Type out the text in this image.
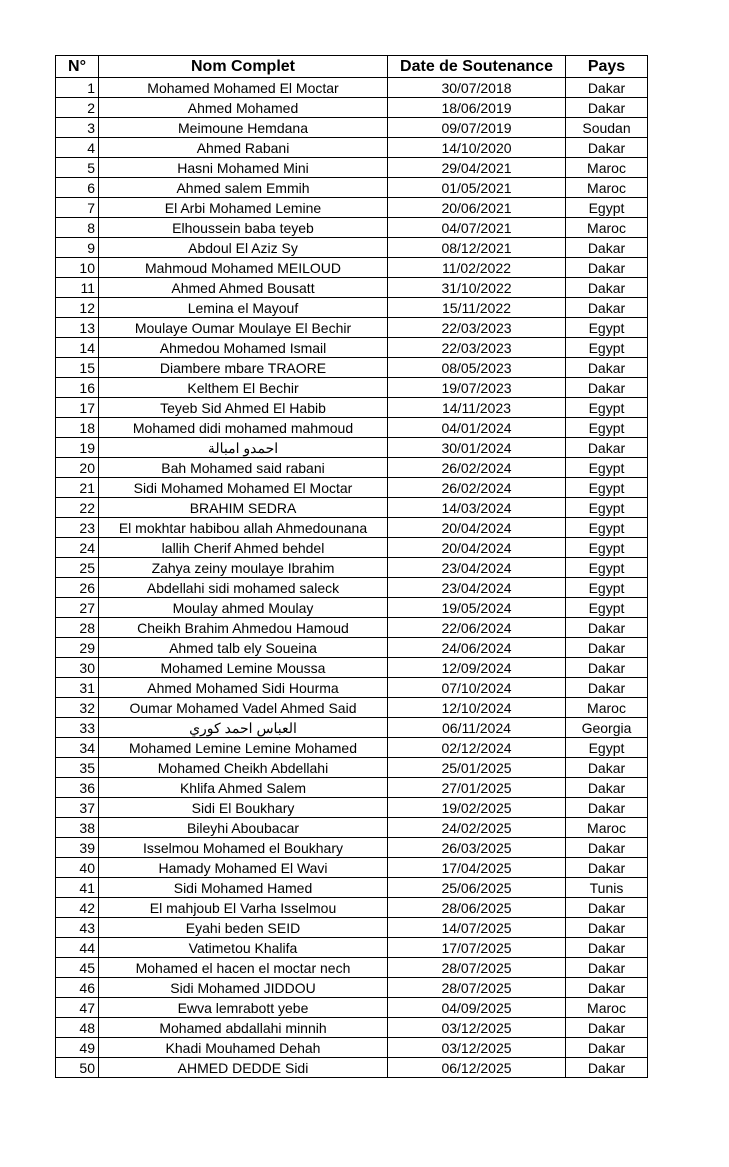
N°	Nom Complet	Date de Soutenance	Pays
1	Mohamed Mohamed El Moctar	30/07/2018	Dakar
2	Ahmed Mohamed	18/06/2019	Dakar
3	Meimoune Hemdana	09/07/2019	Soudan
4	Ahmed Rabani	14/10/2020	Dakar
5	Hasni Mohamed Mini	29/04/2021	Maroc
6	Ahmed salem Emmih	01/05/2021	Maroc
7	El Arbi Mohamed Lemine	20/06/2021	Egypt
8	Elhoussein baba teyeb	04/07/2021	Maroc
9	Abdoul El Aziz Sy	08/12/2021	Dakar
10	Mahmoud Mohamed MEILOUD	11/02/2022	Dakar
11	Ahmed Ahmed Bousatt	31/10/2022	Dakar
12	Lemina el Mayouf	15/11/2022	Dakar
13	Moulaye Oumar Moulaye El Bechir	22/03/2023	Egypt
14	Ahmedou Mohamed Ismail	22/03/2023	Egypt
15	Diambere mbare TRAORE	08/05/2023	Dakar
16	Kelthem El Bechir	19/07/2023	Dakar
17	Teyeb Sid Ahmed El Habib	14/11/2023	Egypt
18	Mohamed didi mohamed mahmoud	04/01/2024	Egypt
19	احمدو امبالة	30/01/2024	Dakar
20	Bah Mohamed said rabani	26/02/2024	Egypt
21	Sidi Mohamed Mohamed El Moctar	26/02/2024	Egypt
22	BRAHIM SEDRA	14/03/2024	Egypt
23	El mokhtar habibou allah Ahmedounana	20/04/2024	Egypt
24	lallih Cherif Ahmed behdel	20/04/2024	Egypt
25	Zahya zeiny moulaye Ibrahim	23/04/2024	Egypt
26	Abdellahi sidi mohamed saleck	23/04/2024	Egypt
27	Moulay ahmed Moulay	19/05/2024	Egypt
28	Cheikh Brahim Ahmedou Hamoud	22/06/2024	Dakar
29	Ahmed talb ely Soueina	24/06/2024	Dakar
30	Mohamed Lemine Moussa	12/09/2024	Dakar
31	Ahmed Mohamed Sidi Hourma	07/10/2024	Dakar
32	Oumar Mohamed Vadel Ahmed Said	12/10/2024	Maroc
33	العباس احمد كوري	06/11/2024	Georgia
34	Mohamed Lemine Lemine Mohamed	02/12/2024	Egypt
35	Mohamed Cheikh Abdellahi	25/01/2025	Dakar
36	Khlifa Ahmed Salem	27/01/2025	Dakar
37	Sidi El Boukhary	19/02/2025	Dakar
38	Bileyhi Aboubacar	24/02/2025	Maroc
39	Isselmou Mohamed el Boukhary	26/03/2025	Dakar
40	Hamady Mohamed El Wavi	17/04/2025	Dakar
41	Sidi Mohamed Hamed	25/06/2025	Tunis
42	El mahjoub El Varha Isselmou	28/06/2025	Dakar
43	Eyahi beden SEID	14/07/2025	Dakar
44	Vatimetou Khalifa	17/07/2025	Dakar
45	Mohamed el hacen el moctar nech	28/07/2025	Dakar
46	Sidi Mohamed JIDDOU	28/07/2025	Dakar
47	Ewva lemrabott yebe	04/09/2025	Maroc
48	Mohamed abdallahi minnih	03/12/2025	Dakar
49	Khadi Mouhamed Dehah	03/12/2025	Dakar
50	AHMED DEDDE Sidi	06/12/2025	Dakar
